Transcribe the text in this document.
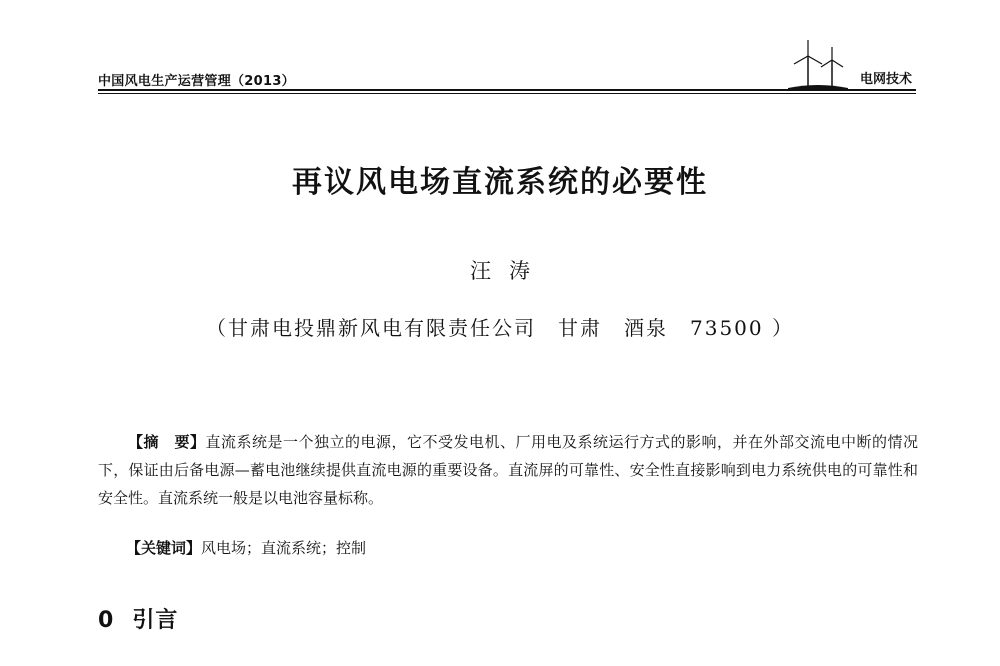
中国风电生产运营管理（2013）	电网技术
再议风电场直流系统的必要性
汪涛
（甘肃电投鼎新风电有限责任公司　甘肃　酒泉　73500 ）
【摘　要】直流系统是一个独立的电源，它不受发电机、厂用电及系统运行方式的影响，并在外部交流电中断的情况下，保证由后备电源—蓄电池继续提供直流电源的重要设备。直流屏的可靠性、安全性直接影响到电力系统供电的可靠性和安全性。直流系统一般是以电池容量标称。
【关键词】风电场；直流系统；控制
0 引言
